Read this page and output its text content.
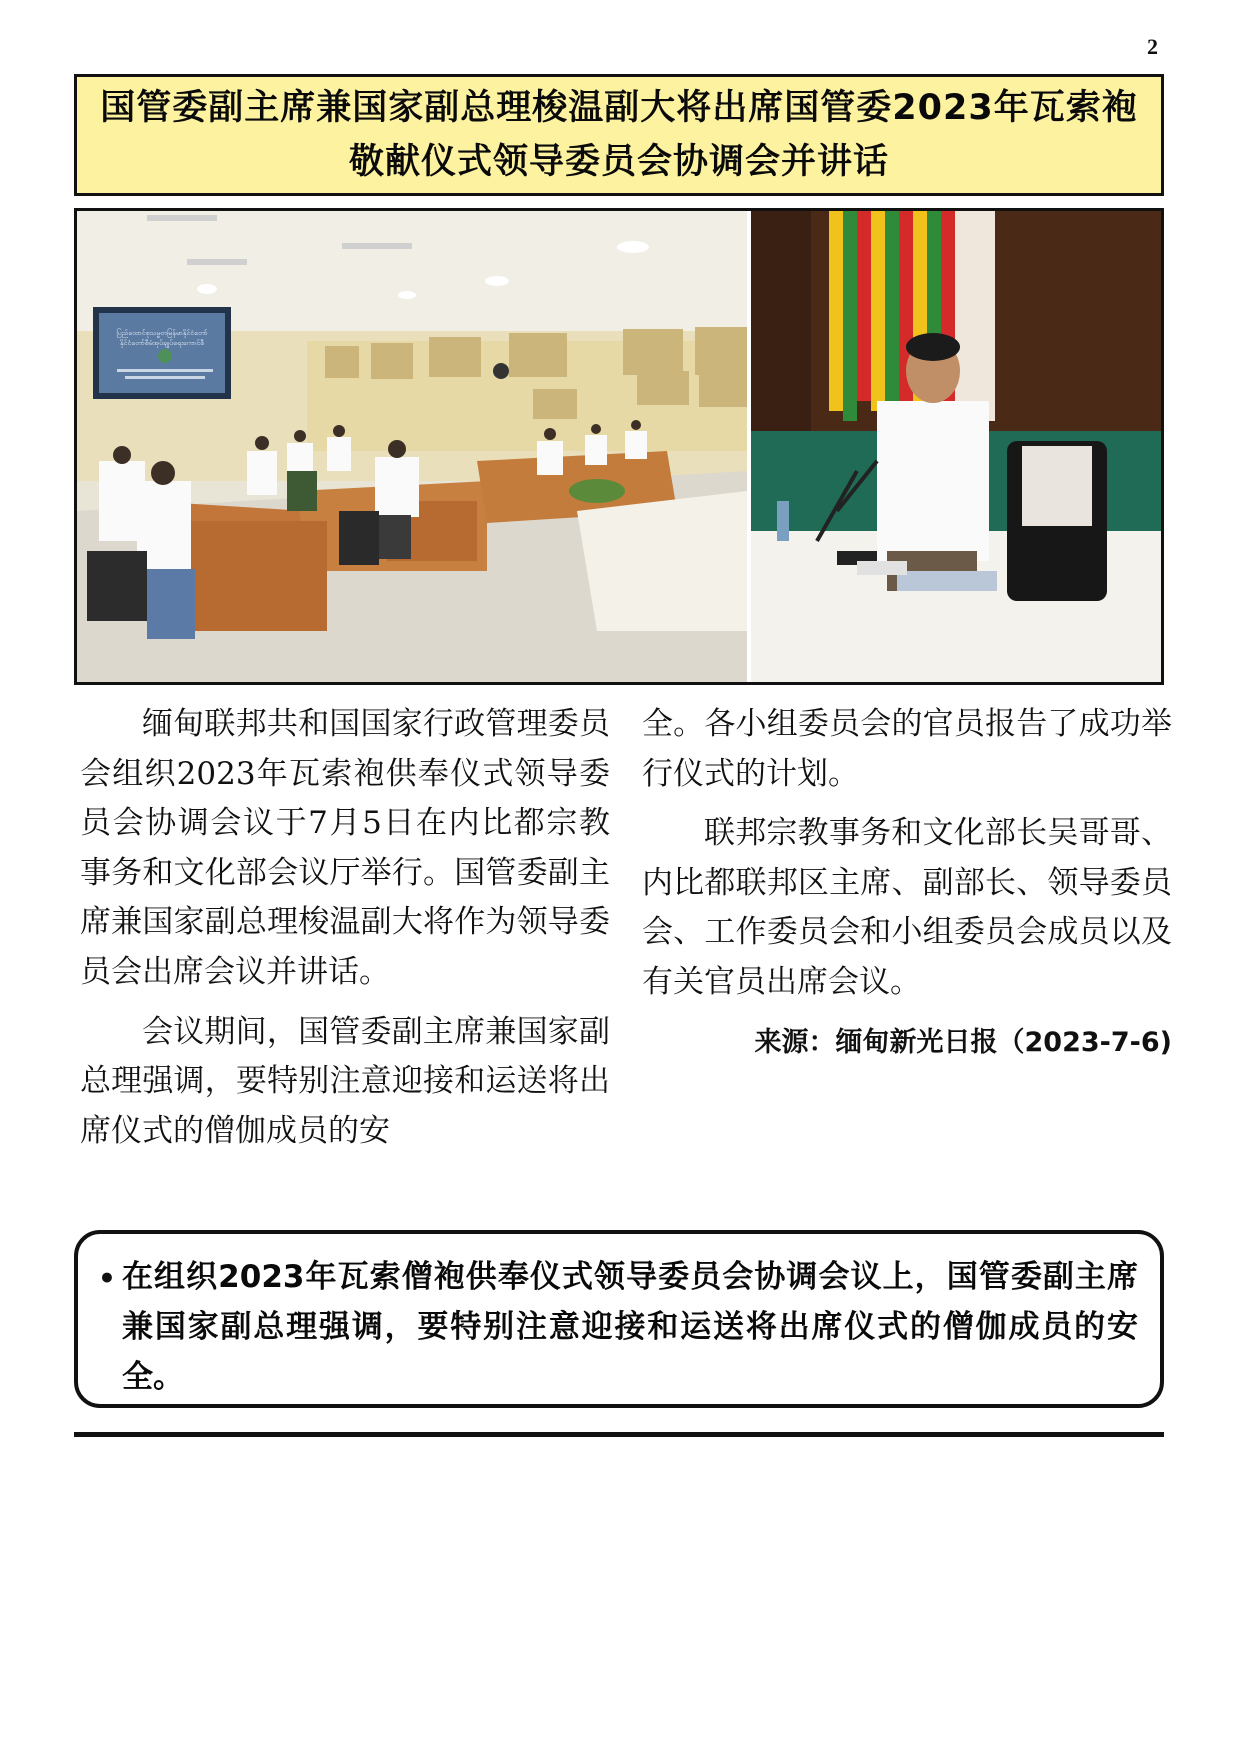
2
国管委副主席兼国家副总理梭温副大将出席国管委2023年瓦索袍
敬献仪式领导委员会协调会并讲话
ပြည်ထောင်စုသမ္မတမြန်မာနိုင်ငံတော်
နိုင်ငံတော်စီမံအုပ်ချုပ်ရေးကောင်စီ

缅甸联邦共和国国家行政管理委员会组织2023年瓦索袍供奉仪式领导委员会协调会议于7月5日在内比都宗教事务和文化部会议厅举行。国管委副主席兼国家副总理梭温副大将作为领导委员会出席会议并讲话。

会议期间，国管委副主席兼国家副总理强调，要特别注意迎接和运送将出席仪式的僧伽成员的安

全。各小组委员会的官员报告了成功举行仪式的计划。

联邦宗教事务和文化部长吴哥哥、内比都联邦区主席、副部长、领导委员会、工作委员会和小组委员会成员以及有关官员出席会议。

来源：缅甸新光日报（2023-7-6)
• 在组织2023年瓦索僧袍供奉仪式领导委员会协调会议上，国管委副主席兼国家副总理强调，要特别注意迎接和运送将出席仪式的僧伽成员的安全。
